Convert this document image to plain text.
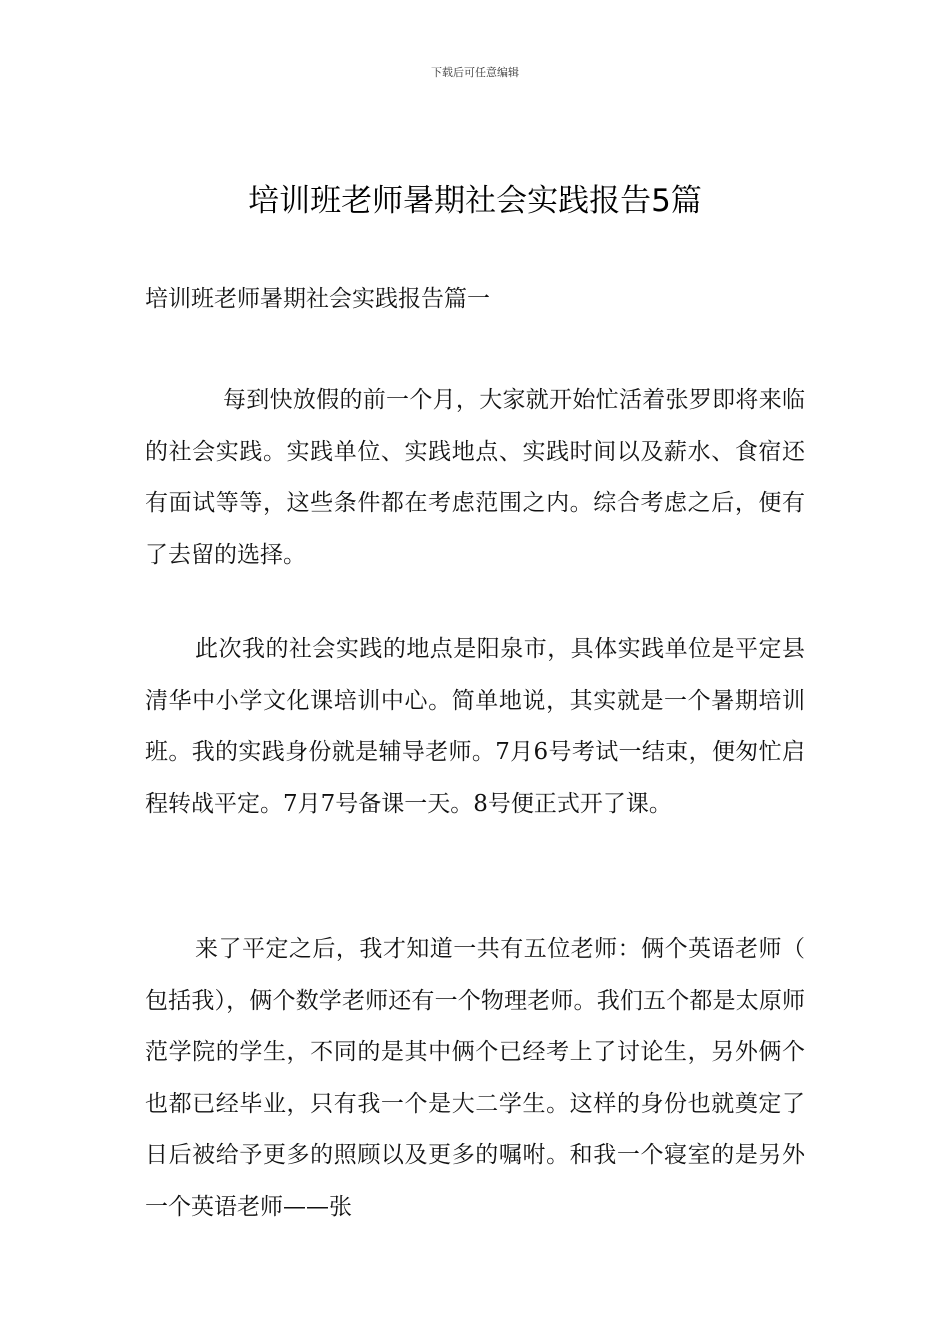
下载后可任意编辑
培训班老师暑期社会实践报告5篇
培训班老师暑期社会实践报告篇一

每到快放假的前一个月，大家就开始忙活着张罗即将来临的社会实践。实践单位、实践地点、实践时间以及薪水、食宿还有面试等等，这些条件都在考虑范围之内。综合考虑之后，便有了去留的选择。

此次我的社会实践的地点是阳泉市，具体实践单位是平定县清华中小学文化课培训中心。简单地说，其实就是一个暑期培训班。我的实践身份就是辅导老师。7月6号考试一结束，便匆忙启程转战平定。7月7号备课一天。8号便正式开了课。

来了平定之后，我才知道一共有五位老师：俩个英语老师（包括我），俩个数学老师还有一个物理老师。我们五个都是太原师范学院的学生，不同的是其中俩个已经考上了讨论生，另外俩个也都已经毕业，只有我一个是大二学生。这样的身份也就奠定了日后被给予更多的照顾以及更多的嘱咐。和我一个寝室的是另外一个英语老师——张
